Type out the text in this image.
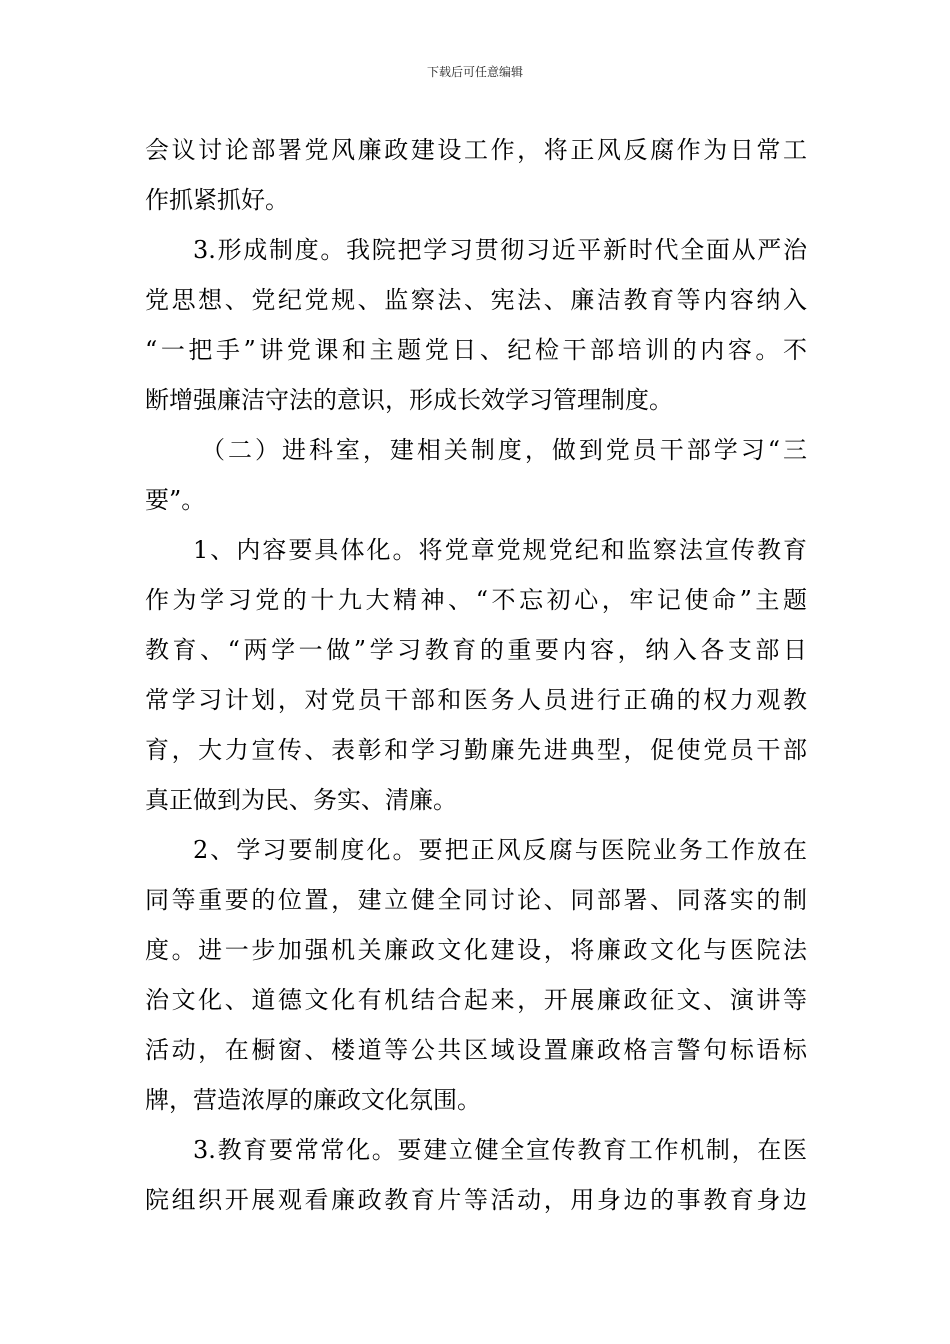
下载后可任意编辑
会议讨论部署党风廉政建设工作，将正风反腐作为日常工
作抓紧抓好。
3.形成制度。我院把学习贯彻习近平新时代全面从严治
党思想、党纪党规、监察法、宪法、廉洁教育等内容纳入
“一把手”讲党课和主题党日、纪检干部培训的内容。不
断增强廉洁守法的意识，形成长效学习管理制度。
（二）进科室，建相关制度，做到党员干部学习“三
要”。
1、内容要具体化。将党章党规党纪和监察法宣传教育
作为学习党的十九大精神、“不忘初心，牢记使命”主题
教育、“两学一做”学习教育的重要内容，纳入各支部日
常学习计划，对党员干部和医务人员进行正确的权力观教
育，大力宣传、表彰和学习勤廉先进典型，促使党员干部
真正做到为民、务实、清廉。
2、学习要制度化。要把正风反腐与医院业务工作放在
同等重要的位置，建立健全同讨论、同部署、同落实的制
度。进一步加强机关廉政文化建设，将廉政文化与医院法
治文化、道德文化有机结合起来，开展廉政征文、演讲等
活动，在橱窗、楼道等公共区域设置廉政格言警句标语标
牌，营造浓厚的廉政文化氛围。
3.教育要常常化。要建立健全宣传教育工作机制，在医
院组织开展观看廉政教育片等活动，用身边的事教育身边
